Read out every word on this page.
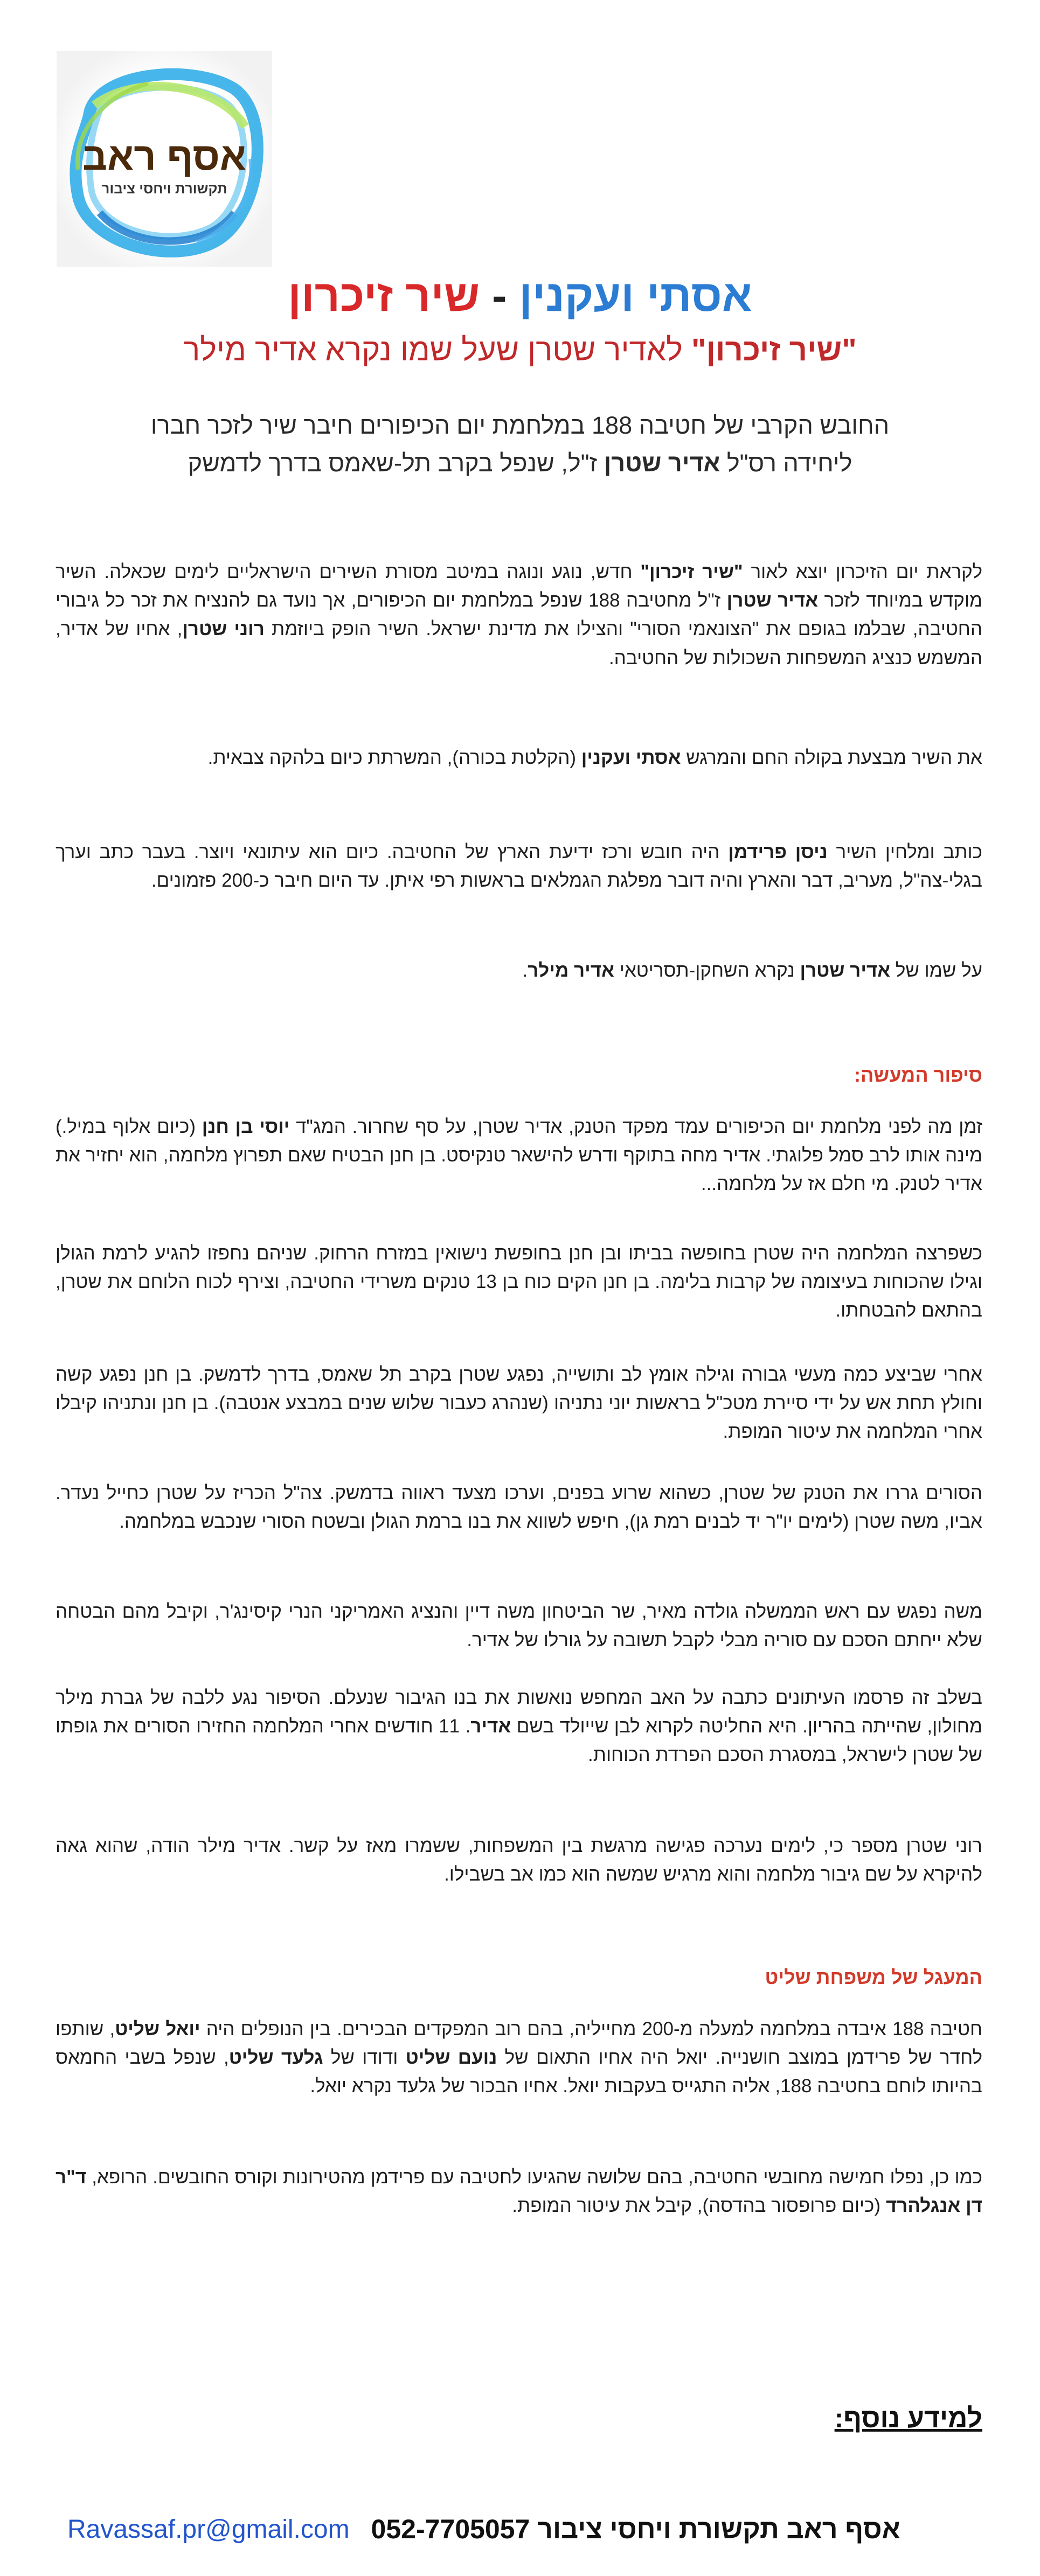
אסף ראב
תקשורת ויחסי ציבור
אסתי ועקנין - שיר זיכרון
"שיר זיכרון" לאדיר שטרן שעל שמו נקרא אדיר מילר
החובש הקרבי של חטיבה 188 במלחמת יום הכיפורים חיבר שיר לזכר חברו
ליחידה רס"ל אדיר שטרן ז"ל, שנפל בקרב תל-שאמס בדרך לדמשק
לקראת יום הזיכרון יוצא לאור "שיר זיכרון" חדש, נוגע ונוגה במיטב מסורת השירים הישראליים לימים שכאלה. השיר מוקדש במיוחד לזכר אדיר שטרן ז"ל מחטיבה 188 שנפל במלחמת יום הכיפורים, אך נועד גם להנציח את זכר כל גיבורי החטיבה, שבלמו בגופם את "הצונאמי הסורי" והצילו את מדינת ישראל. השיר הופק ביוזמת רוני שטרן, אחיו של אדיר, המשמש כנציג המשפחות השכולות של החטיבה.
את השיר מבצעת בקולה החם והמרגש אסתי ועקנין (הקלטת בכורה), המשרתת כיום בלהקה צבאית.
כותב ומלחין השיר ניסן פרידמן היה חובש ורכז ידיעת הארץ של החטיבה. כיום הוא עיתונאי ויוצר. בעבר כתב וערך בגלי-צה"ל, מעריב, דבר והארץ והיה דובר מפלגת הגמלאים בראשות רפי איתן. עד היום חיבר כ-200 פזמונים.
על שמו של אדיר שטרן נקרא השחקן-תסריטאי אדיר מילר.
סיפור המעשה:
זמן מה לפני מלחמת יום הכיפורים עמד מפקד הטנק, אדיר שטרן, על סף שחרור. המג"ד יוסי בן חנן (כיום אלוף במיל.) מינה אותו לרב סמל פלוגתי. אדיר מחה בתוקף ודרש להישאר טנקיסט. בן חנן הבטיח שאם תפרוץ מלחמה, הוא יחזיר את אדיר לטנק. מי חלם אז על מלחמה...
כשפרצה המלחמה היה שטרן בחופשה בביתו ובן חנן בחופשת נישואין במזרח הרחוק. שניהם נחפזו להגיע לרמת הגולן וגילו שהכוחות בעיצומה של קרבות בלימה. בן חנן הקים כוח בן 13 טנקים משרידי החטיבה, וצירף לכוח הלוחם את שטרן, בהתאם להבטחתו.
אחרי שביצע כמה מעשי גבורה וגילה אומץ לב ותושייה, נפגע שטרן בקרב תל שאמס, בדרך לדמשק. בן חנן נפגע קשה וחולץ תחת אש על ידי סיירת מטכ"ל בראשות יוני נתניהו (שנהרג כעבור שלוש שנים במבצע אנטבה). בן חנן ונתניהו קיבלו אחרי המלחמה את עיטור המופת.
הסורים גררו את הטנק של שטרן, כשהוא שרוע בפנים, וערכו מצעד ראווה בדמשק. צה"ל הכריז על שטרן כחייל נעדר. אביו, משה שטרן (לימים יו"ר יד לבנים רמת גן), חיפש לשווא את בנו ברמת הגולן ובשטח הסורי שנכבש במלחמה.
משה נפגש עם ראש הממשלה גולדה מאיר, שר הביטחון משה דיין והנציג האמריקני הנרי קיסינג'ר, וקיבל מהם הבטחה שלא ייחתם הסכם עם סוריה מבלי לקבל תשובה על גורלו של אדיר.
בשלב זה פרסמו העיתונים כתבה על האב המחפש נואשות את בנו הגיבור שנעלם. הסיפור נגע ללבה של גברת מילר מחולון, שהייתה בהריון. היא החליטה לקרוא לבן שייולד בשם אדיר. 11 חודשים אחרי המלחמה החזירו הסורים את גופתו של שטרן לישראל, במסגרת הסכם הפרדת הכוחות.
רוני שטרן מספר כי, לימים נערכה פגישה מרגשת בין המשפחות, ששמרו מאז על קשר. אדיר מילר הודה, שהוא גאה להיקרא על שם גיבור מלחמה והוא מרגיש שמשה הוא כמו אב בשבילו.
המעגל של משפחת שליט
חטיבה 188 איבדה במלחמה למעלה מ-200 מחייליה, בהם רוב המפקדים הבכירים. בין הנופלים היה יואל שליט, שותפו לחדר של פרידמן במוצב חושנייה. יואל היה אחיו התאום של נועם שליט ודודו של גלעד שליט, שנפל בשבי החמאס בהיותו לוחם בחטיבה 188, אליה התגייס בעקבות יואל. אחיו הבכור של גלעד נקרא יואל.
כמו כן, נפלו חמישה מחובשי החטיבה, בהם שלושה שהגיעו לחטיבה עם פרידמן מהטירונות וקורס החובשים. הרופא, ד"ר דן אנגלהרד (כיום פרופסור בהדסה), קיבל את עיטור המופת.
למידע נוסף:
Ravassaf.pr@gmail.com אסף ראב תקשורת ויחסי ציבור 052-7705057
